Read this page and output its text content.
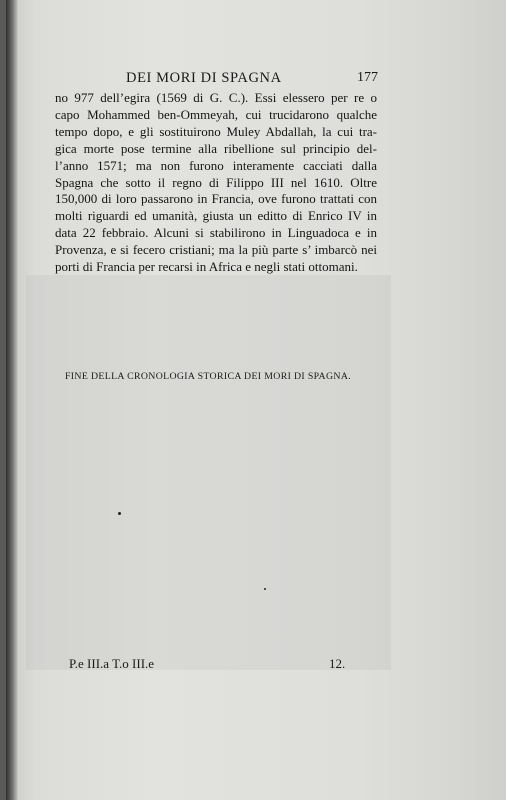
DEI MORI DI SPAGNA	177
no 977 dell’egira (1569 di G. C.). Essi elessero per re o
capo Mohammed ben-Ommeyah, cui trucidarono qualche
tempo dopo, e gli sostituirono Muley Abdallah, la cui tra-
gica morte pose termine alla ribellione sul principio del-
l’anno 1571; ma non furono interamente cacciati dalla
Spagna che sotto il regno di Filippo III nel 1610. Oltre
150,000 di loro passarono in Francia, ove furono trattati con
molti riguardi ed umanità, giusta un editto di Enrico IV in
data 22 febbraio. Alcuni si stabilirono in Linguadoca e in
Provenza, e si fecero cristiani; ma la più parte s’ imbarcò nei
porti di Francia per recarsi in Africa e negli stati ottomani.
FINE DELLA CRONOLOGIA STORICA DEI MORI DI SPAGNA.
P.e III.a T.o III.e	12.
